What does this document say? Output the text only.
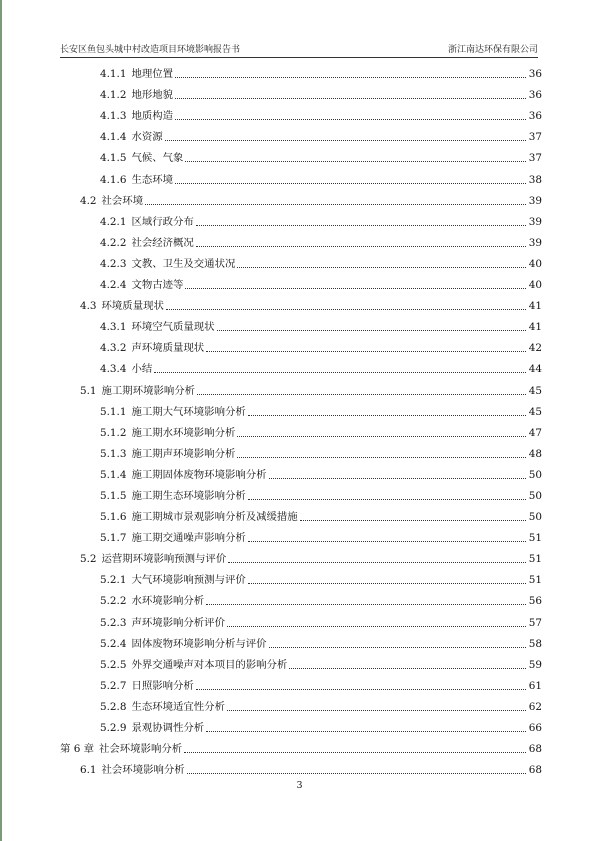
长安区鱼包头城中村改造项目环境影响报告书	浙江南达环保有限公司
4.1.1 地理位置	36
4.1.2 地形地貌	36
4.1.3 地质构造	36
4.1.4 水资源	37
4.1.5 气候、气象	37
4.1.6 生态环境	38
4.2 社会环境	39
4.2.1 区域行政分布	39
4.2.2 社会经济概况	39
4.2.3 文教、卫生及交通状况	40
4.2.4 文物古迹等	40
4.3 环境质量现状	41
4.3.1 环境空气质量现状	41
4.3.2 声环境质量现状	42
4.3.4 小结	44
5.1 施工期环境影响分析	45
5.1.1 施工期大气环境影响分析	45
5.1.2 施工期水环境影响分析	47
5.1.3 施工期声环境影响分析	48
5.1.4 施工期固体废物环境影响分析	50
5.1.5 施工期生态环境影响分析	50
5.1.6 施工期城市景观影响分析及减缓措施	50
5.1.7 施工期交通噪声影响分析	51
5.2 运营期环境影响预测与评价	51
5.2.1 大气环境影响预测与评价	51
5.2.2 水环境影响分析	56
5.2.3 声环境影响分析评价	57
5.2.4 固体废物环境影响分析与评价	58
5.2.5 外界交通噪声对本项目的影响分析	59
5.2.7 日照影响分析	61
5.2.8 生态环境适宜性分析	62
5.2.9 景观协调性分析	66
第 6 章 社会环境影响分析	68
6.1 社会环境影响分析	68
3
